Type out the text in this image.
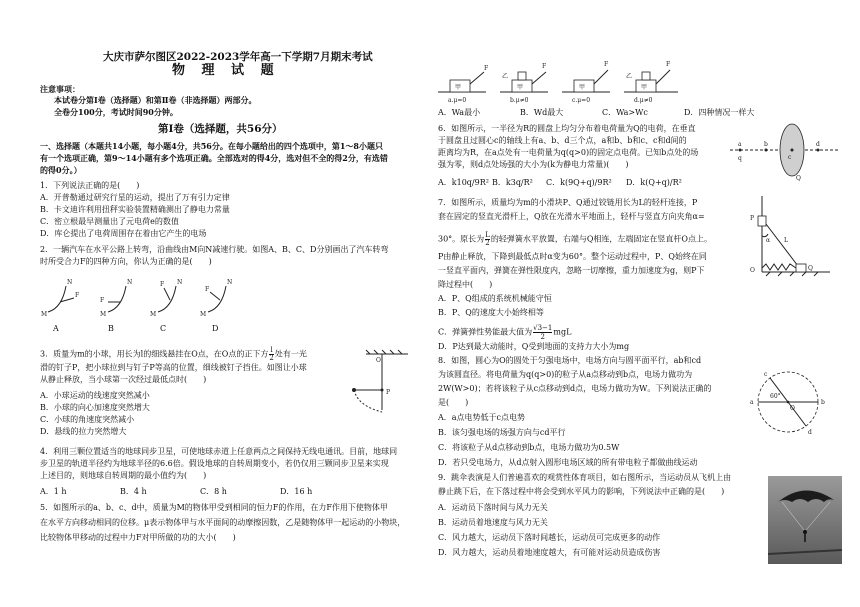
大庆市萨尔图区2022-2023学年高一下学期7月期末考试
物 理 试 题
注意事项：
本试卷分第Ⅰ卷（选择题）和第Ⅱ卷（非选择题）两部分。
全卷分100分，考试时间90分钟。
第Ⅰ卷（选择题，共56分）
一、选择题（本题共14小题，每小题4分，共56分。在每小题给出的四个选项中，第1～8小题只
有一个选项正确，第9～14小题有多个选项正确。全部选对的得4分，选对但不全的得2分，有选错
的得0分。）
1．下列说法正确的是(　　)
A．开普勒通过研究行星的运动，提出了万有引力定律
B．卡文迪许利用扭秤实验装置精确测出了静电力常量
C．密立根最早测量出了元电荷e的数值
D．库仑提出了电荷周围存在着由它产生的电场
2．一辆汽车在水平公路上转弯，沿曲线由M向N减速行驶。如图A、B、C、D分别画出了汽车转弯
时所受合力F的四种方向，你认为正确的是(　　)
M
N
F
M
N
F
M
N
F
M
N
F
A	B	C	D
3．质量为m的小球，用长为l的细线悬挂在O点，在O点的正下方 $\frac{l}{2}$ 处有一光
滑的钉子P，把小球拉到与钉子P等高的位置，细线被钉子挡住。如图让小球
从静止释放，当小球第一次经过最低点时(　　)
A．小球运动的线速度突然减小
B．小球的向心加速度突然增大
C．小球的角速度突然减小
D．悬线的拉力突然增大
O
P
4．利用三颗位置适当的地球同步卫星，可使地球赤道上任意两点之间保持无线电通讯。目前，地球同
步卫星的轨道半径约为地球半径的6.6倍。假设地球的自转周期变小，若仍仅用三颗同步卫星来实现
上述目的，则地球自转周期的最小值约为(　　)
A．1 h	B．4 h	C．8 h	D．16 h
5．如图所示的a、b、c、d中，质量为M的物体甲受到相同的恒力F的作用，在力F作用下使物体甲
在水平方向移动相同的位移。μ表示物体甲与水平面间的动摩擦因数，乙是随物体甲一起运动的小物块，
比较物体甲移动的过程中力F对甲所做的功的大小(　　)
甲
F
a.μ=0
甲
乙
F
b.μ≠0
甲
F
c.μ=0
甲
乙
F
d.μ≠0
A．Wa最小	B．Wd最大	C．Wa>Wc	D．四种情况一样大
6．如图所示，一半径为R的圆盘上均匀分布着电荷量为Q的电荷，在垂直
于圆盘且过圆心c的轴线上有a、b、d三个点，a和b、b和c、c和d间的
距离均为R，在a点处有一电荷量为q(q>0)的固定点电荷。已知b点处的场
强为零，则d点处场强的大小为(k为静电力常量)(　　)
A．k10q/9R² B．k3q/R² C．k(9Q+q)/9R² D．k(Q+q)/R²
a	b
c
d
q
Q
7．如图所示，质量均为m的小滑块P、Q通过铰链用长为L的轻杆连接，P
套在固定的竖直光滑杆上，Q放在光滑水平地面上，轻杆与竖直方向夹角α=
30°。原长为 $\frac{L}{2}$ 的轻弹簧水平放置，右端与Q相连，左端固定在竖直杆O点上。
P由静止释放，下降到最低点时α变为60°。整个运动过程中，P、Q始终在同
一竖直平面内，弹簧在弹性限度内，忽略一切摩擦，重力加速度为g，则P下
降过程中(　　)
A．P、Q组成的系统机械能守恒
B．P、Q的速度大小始终相等
C．弹簧弹性势能最大值为 $\frac{√3-1}{2}$ mgL
D．P达到最大动能时，Q受到地面的支持力大小为mg
P
Q
O
L
α
8．如图，圆心为O的圆处于匀强电场中，电场方向与圆平面平行，ab和cd
为该圆直径。将电荷量为q(q>0)的粒子从a点移动到b点，电场力做功为
2W(W>0)；若将该粒子从c点移动到d点，电场力做功为W。下列说法正确的
是(　　)
A．a点电势低于c点电势
B．该匀强电场的场强方向与cd平行
C．将该粒子从d点移动到b点，电场力做功为0.5W
D．若只受电场力，从d点射入圆形电场区域的所有带电粒子都做曲线运动
a	b
c
d
O
60°
9．跳伞表演是人们普遍喜欢的观赏性体育项目，如右图所示，当运动员从飞机上由
静止跳下后，在下落过程中将会受到水平风力的影响，下列说法中正确的是(　　)
A．运动员下落时间与风力无关
B．运动员着地速度与风力无关
C．风力越大，运动员下落时间越长，运动员可完成更多的动作
D．风力越大，运动员着地速度越大，有可能对运动员造成伤害
